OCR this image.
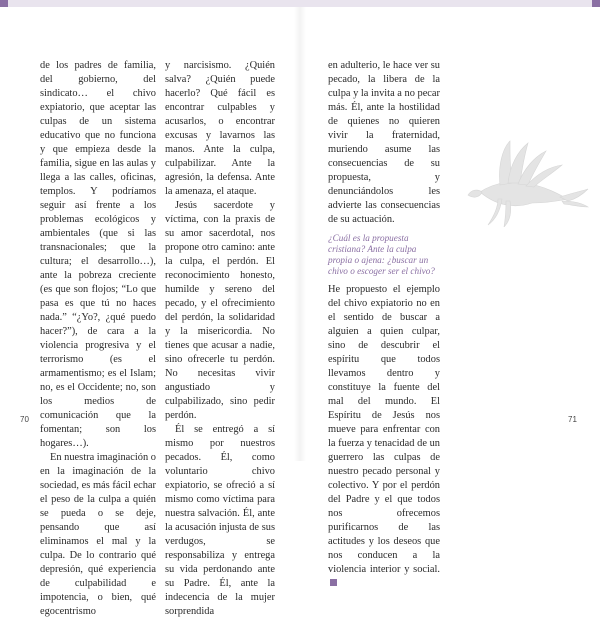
de los padres de familia, del gobierno, del sindicato… el chivo expiatorio, que aceptar las culpas de un sistema educativo que no funciona y que empieza desde la familia, sigue en las aulas y llega a las calles, oficinas, templos. Y podríamos seguir así frente a los problemas ecológicos y ambientales (que si las transnacionales; que la cultura; el desarrollo…), ante la pobreza creciente (es que son flojos; “Lo que pasa es que tú no haces nada.” “¿Yo?, ¿qué puedo hacer?”), de cara a la violencia progresiva y el terrorismo (es el armamentismo; es el Islam; no, es el Occidente; no, son los medios de comunicación que la fomentan; son los hogares…).

En nuestra imaginación o en la imaginación de la sociedad, es más fácil echar el peso de la culpa a quién se pueda o se deje, pensando que así eliminamos el mal y la culpa. De lo contrario qué depresión, qué experiencia de culpabilidad e impotencia, o bien, qué egocentrismo

y narcisismo. ¿Quién salva? ¿Quién puede hacerlo? Qué fácil es encontrar culpables y acusarlos, o encontrar excusas y lavarnos las manos. Ante la culpa, culpabilizar. Ante la agresión, la defensa. Ante la amenaza, el ataque.

Jesús sacerdote y víctima, con la praxis de su amor sacerdotal, nos propone otro camino: ante la culpa, el perdón. El reconocimiento honesto, humilde y sereno del pecado, y el ofrecimiento del perdón, la solidaridad y la misericordia. No tienes que acusar a nadie, sino ofrecerle tu perdón. No necesitas vivir angustiado y culpabilizado, sino pedir perdón.

Él se entregó a sí mismo por nuestros pecados. Él, como voluntario chivo expiatorio, se ofreció a sí mismo como víctima para nuestra salvación. Él, ante la acusación injusta de sus verdugos, se responsabiliza y entrega su vida perdonando ante su Padre. Él, ante la indecencia de la mujer sorprendida

70

en adulterio, le hace ver su pecado, la libera de la culpa y la invita a no pecar más. Él, ante la hostilidad de quienes no quieren vivir la fraternidad, muriendo asume las consecuencias de su propuesta, y denunciándolos les advierte las consecuencias de su actuación.

¿Cuál es la propuesta cristiana? Ante la culpa propia o ajena: ¿buscar un chivo o escoger ser el chivo?

He propuesto el ejemplo del chivo expiatorio no en el sentido de buscar a alguien a quien culpar, sino de descubrir el espíritu que todos llevamos dentro y constituye la fuente del mal del mundo. El Espíritu de Jesús nos mueve para enfrentar con la fuerza y tenacidad de un guerrero las culpas de nuestro pecado personal y colectivo. Y por el perdón del Padre y el que todos nos ofrecemos purificarnos de las actitudes y los deseos que nos conducen a la violencia interior y social.

71
